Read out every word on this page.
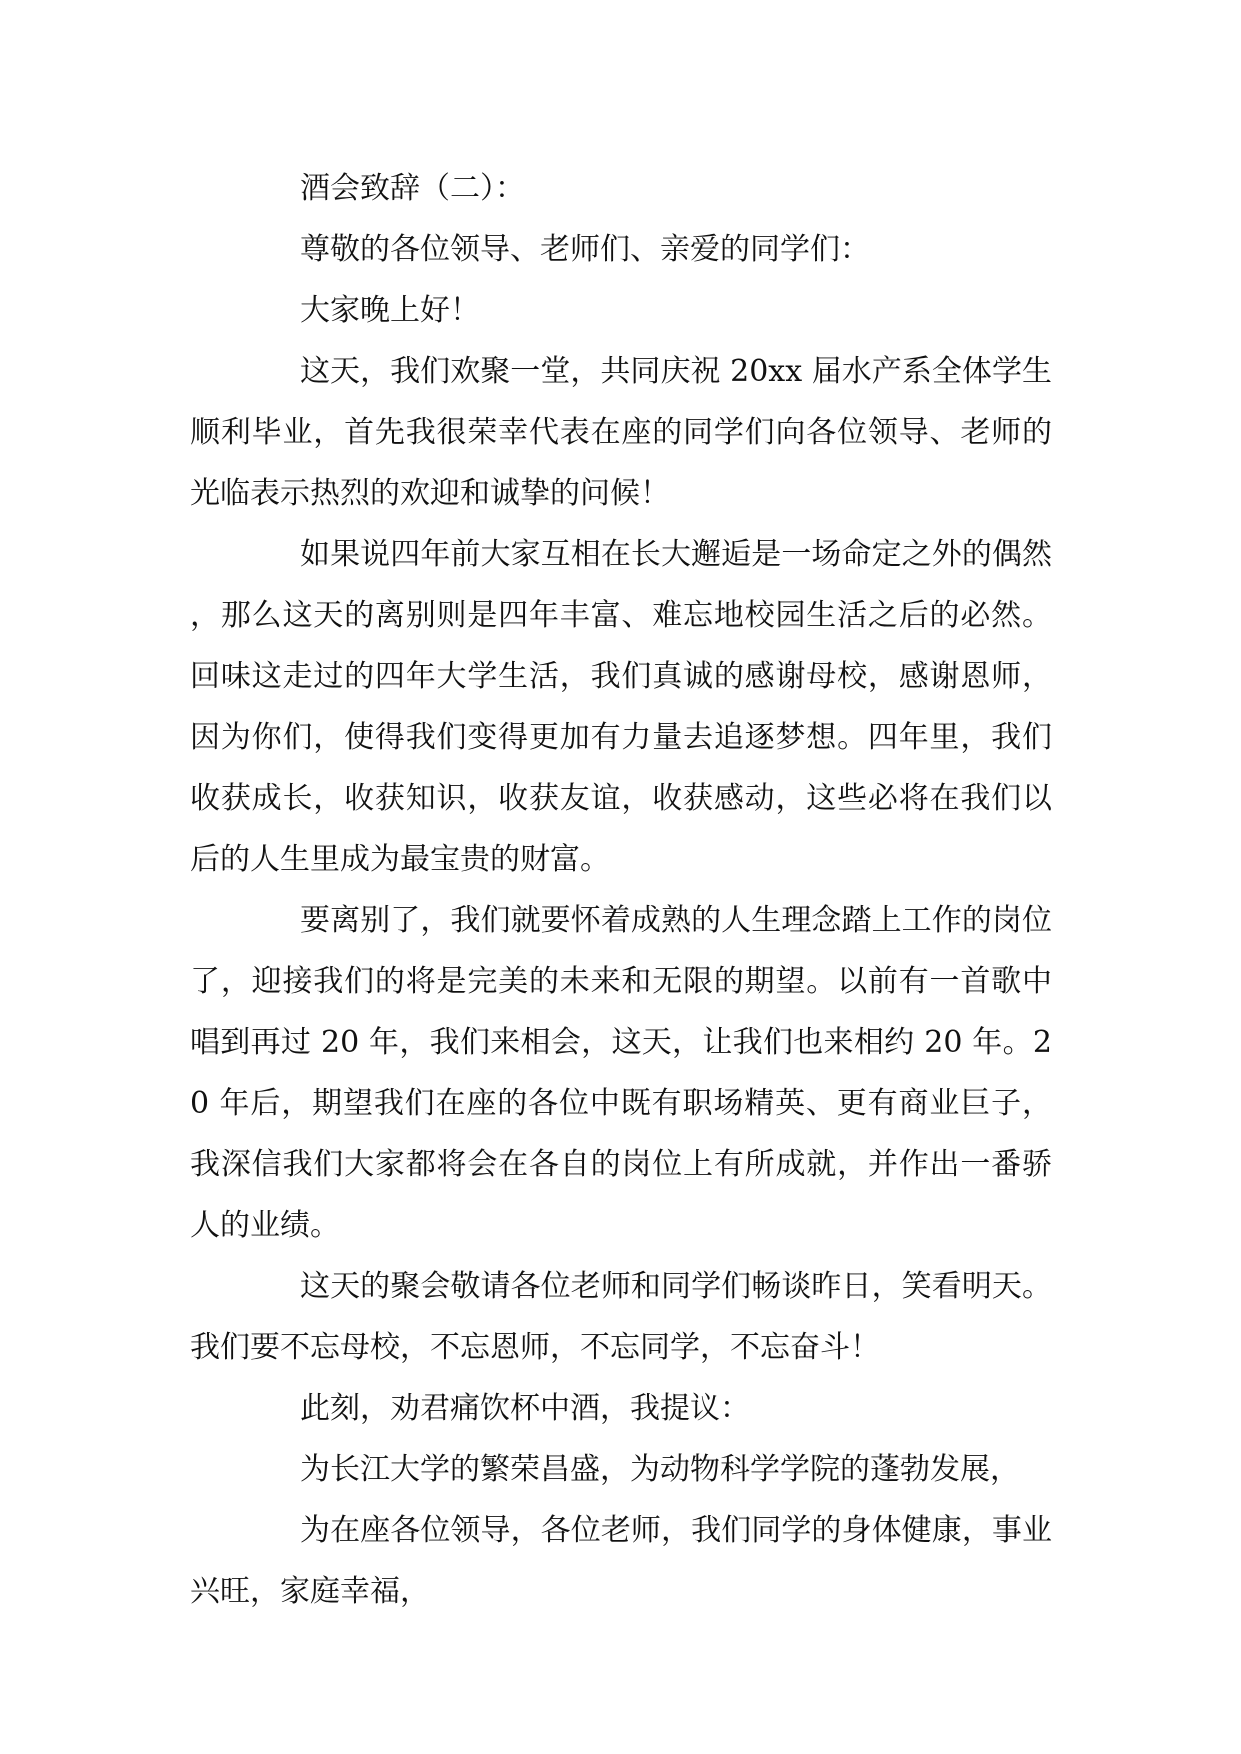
酒会致辞（二）：

尊敬的各位领导、老师们、亲爱的同学们：

大家晚上好！

这天，我们欢聚一堂，共同庆祝 20xx 届水产系全体学生顺利毕业，首先我很荣幸代表在座的同学们向各位领导、老师的光临表示热烈的欢迎和诚挚的问候！

如果说四年前大家互相在长大邂逅是一场命定之外的偶然，那么这天的离别则是四年丰富、难忘地校园生活之后的必然。回味这走过的四年大学生活，我们真诚的感谢母校，感谢恩师，因为你们，使得我们变得更加有力量去追逐梦想。四年里，我们收获成长，收获知识，收获友谊，收获感动，这些必将在我们以后的人生里成为最宝贵的财富。

要离别了，我们就要怀着成熟的人生理念踏上工作的岗位了，迎接我们的将是完美的未来和无限的期望。以前有一首歌中唱到再过 20 年，我们来相会，这天，让我们也来相约 20 年。20 年后，期望我们在座的各位中既有职场精英、更有商业巨子，我深信我们大家都将会在各自的岗位上有所成就，并作出一番骄人的业绩。

这天的聚会敬请各位老师和同学们畅谈昨日，笑看明天。我们要不忘母校，不忘恩师，不忘同学，不忘奋斗！

此刻，劝君痛饮杯中酒，我提议：

为长江大学的繁荣昌盛，为动物科学学院的蓬勃发展，

为在座各位领导，各位老师，我们同学的身体健康，事业兴旺，家庭幸福，
